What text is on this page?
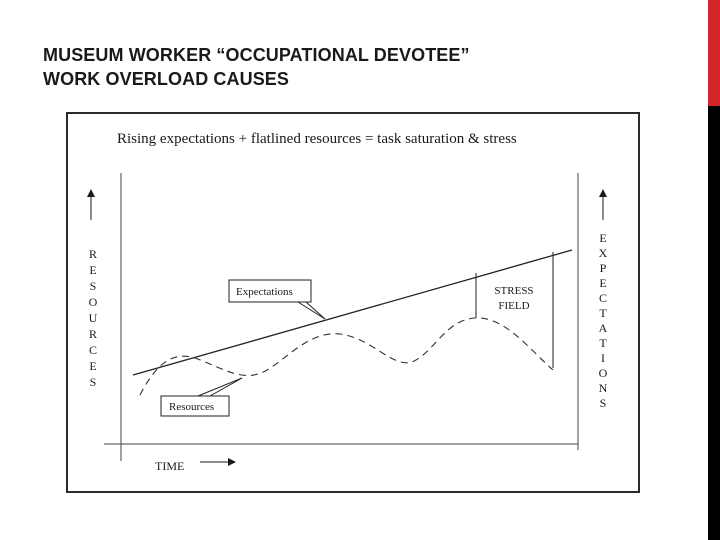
MUSEUM WORKER “OCCUPATIONAL DEVOTEE”
WORK OVERLOAD CAUSES
Rising expectations + flatlined resources = task saturation & stress
R
E
S
O
U
R
C
E
S
E
X
P
E
C
T
A
T
I
O
N
S
TIME
Expectations
Resources
STRESS
FIELD
